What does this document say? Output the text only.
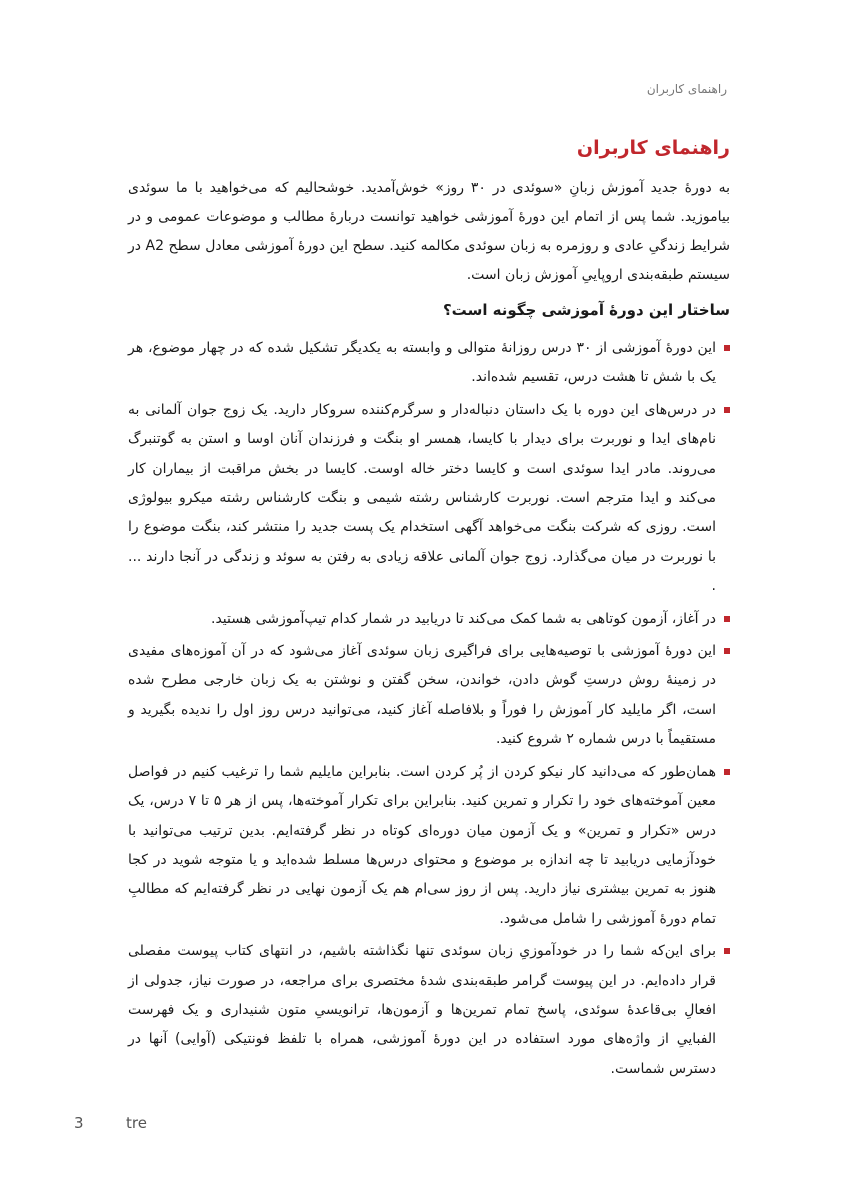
راهنمای کاربران
راهنمای کاربران

به دورهٔ جدید آموزش زبانِ «سوئدی در ۳۰ روز» خوش‌آمدید. خوشحالیم که می‌خواهید با ما سوئدی بیاموزید. شما پس از اتمام این دورهٔ آموزشی خواهید توانست دربارهٔ مطالب و موضوعات عمومی و در شرایط زندگیِ عادی و روزمره به زبان سوئدی مکالمه کنید. سطح این دورهٔ آموزشی معادل سطح A2 در سیستم طبقه‌بندی اروپاییِ آموزش زبان است.

ساختار این دورهٔ آموزشی چگونه است؟
این دورهٔ آموزشی از ۳۰ درس روزانهٔ متوالی و وابسته به یکدیگر تشکیل شده که در چهار موضوع، هر یک با شش تا هشت درس، تقسیم شده‌اند.
در درس‌های این دوره با یک داستان دنباله‌دار و سرگرم‌کننده سروکار دارید. یک زوج جوان آلمانی به نام‌های ایدا و نوربرت برای دیدار با کایسا، همسر او بنگت و فرزندان آنان اوسا و استن به گوتنبرگ می‌روند. مادر ایدا سوئدی است و کایسا دختر خاله اوست. کایسا در بخش مراقبت از بیماران کار می‌کند و ایدا مترجم است. نوربرت کارشناس رشته شیمی و بنگت کارشناس رشته میکرو بیولوژی است. روزی که شرکت بنگت می‌خواهد آگهی استخدام یک پست جدید را منتشر کند، بنگت موضوع را با نوربرت در میان می‌گذارد. زوج جوان آلمانی علاقه زیادی به رفتن به سوئد و زندگی در آنجا دارند ... .
در آغاز، آزمون کوتاهی به شما کمک می‌کند تا دریابید در شمار کدام تیپ‌آموزشی هستید.
این دورهٔ آموزشی با توصیه‌هایی برای فراگیری زبان سوئدی آغاز می‌شود که در آن آموزه‌های مفیدی در زمینهٔ روش درستِ گوش دادن، خواندن، سخن گفتن و نوشتن به یک زبان خارجی مطرح شده است، اگر مایلید کار آموزش را فوراً و بلافاصله آغاز کنید، می‌توانید درس روز اول را ندیده بگیرید و مستقیماً با درس شماره ۲ شروع کنید.
همان‌طور که می‌دانید کار نیکو کردن از پُر کردن است. بنابراین مایلیم شما را ترغیب کنیم در فواصل معین آموخته‌های خود را تکرار و تمرین کنید. بنابراین برای تکرار آموخته‌ها، پس از هر ۵ تا ۷ درس، یک درس «تکرار و تمرین» و یک آزمون میان دوره‌ای کوتاه در نظر گرفته‌ایم. بدین ترتیب می‌توانید با خودآزمایی دریابید تا چه اندازه بر موضوع و محتوای درس‌ها مسلط شده‌اید و یا متوجه شوید در کجا هنوز به تمرین بیشتری نیاز دارید. پس از روز سی‌ام هم یک آزمون نهایی در نظر گرفته‌ایم که مطالبِ تمام دورهٔ آموزشی را شامل می‌شود.
برای این‌که شما را در خودآموزیِ زبان سوئدی تنها نگذاشته باشیم، در انتهای کتاب پیوست مفصلی قرار داده‌ایم. در این پیوست گرامر طبقه‌بندی شدهٔ مختصری برای مراجعه، در صورت نیاز، جدولی از افعالِ بی‌قاعدهٔ سوئدی، پاسخ تمام تمرین‌ها و آزمون‌ها، ترانویسیِ متون شنیداری و یک فهرست الفباییِ از واژه‌های مورد استفاده در این دورهٔ آموزشی، همراه با تلفظ فونتیکی (آوایی) آنها در دسترس شماست.
3	tre
